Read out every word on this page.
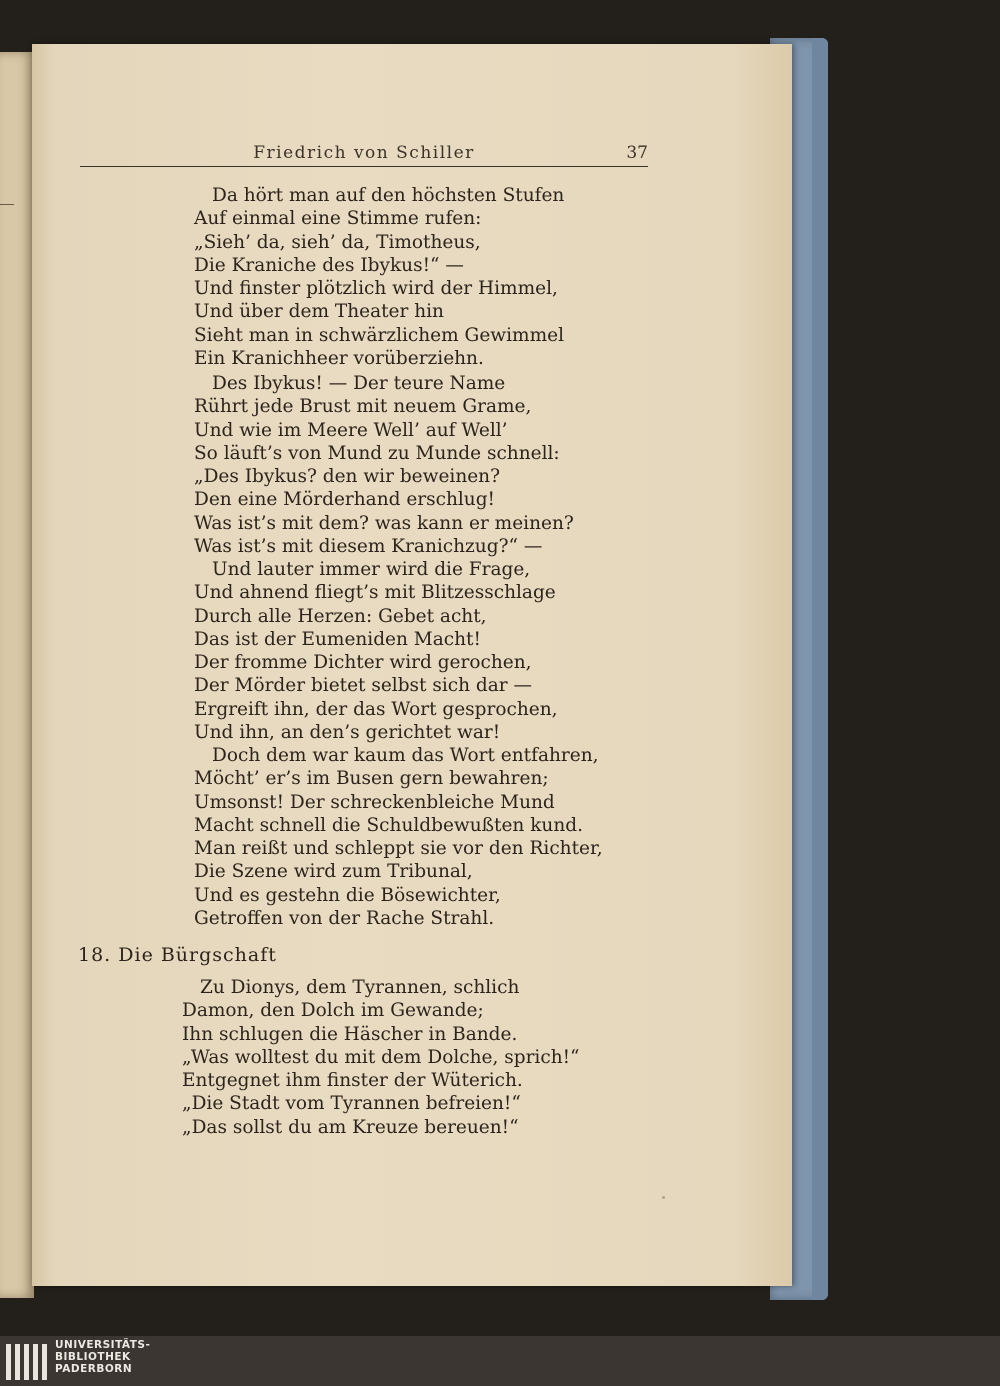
Friedrich von Schiller	37
Da hört man auf den höchsten Stufen
Auf einmal eine Stimme rufen:
„Sieh’ da, sieh’ da, Timotheus,
Die Kraniche des Ibykus!“ —
Und finster plötzlich wird der Himmel,
Und über dem Theater hin
Sieht man in schwärzlichem Gewimmel
Ein Kranichheer vorüberziehn.
Des Ibykus! — Der teure Name
Rührt jede Brust mit neuem Grame,
Und wie im Meere Well’ auf Well’
So läuft’s von Mund zu Munde schnell:
„Des Ibykus? den wir beweinen?
Den eine Mörderhand erschlug!
Was ist’s mit dem? was kann er meinen?
Was ist’s mit diesem Kranichzug?“ —
Und lauter immer wird die Frage,
Und ahnend fliegt’s mit Blitzesschlage
Durch alle Herzen: Gebet acht,
Das ist der Eumeniden Macht!
Der fromme Dichter wird gerochen,
Der Mörder bietet selbst sich dar —
Ergreift ihn, der das Wort gesprochen,
Und ihn, an den’s gerichtet war!
Doch dem war kaum das Wort entfahren,
Möcht’ er’s im Busen gern bewahren;
Umsonst! Der schreckenbleiche Mund
Macht schnell die Schuldbewußten kund.
Man reißt und schleppt sie vor den Richter,
Die Szene wird zum Tribunal,
Und es gestehn die Bösewichter,
Getroffen von der Rache Strahl.
18. Die Bürgschaft
Zu Dionys, dem Tyrannen, schlich
Damon, den Dolch im Gewande;
Ihn schlugen die Häscher in Bande.
„Was wolltest du mit dem Dolche, sprich!“
Entgegnet ihm finster der Wüterich.
„Die Stadt vom Tyrannen befreien!“
„Das sollst du am Kreuze bereuen!“
UNIVERSITÄTS-
BIBLIOTHEK
PADERBORN
